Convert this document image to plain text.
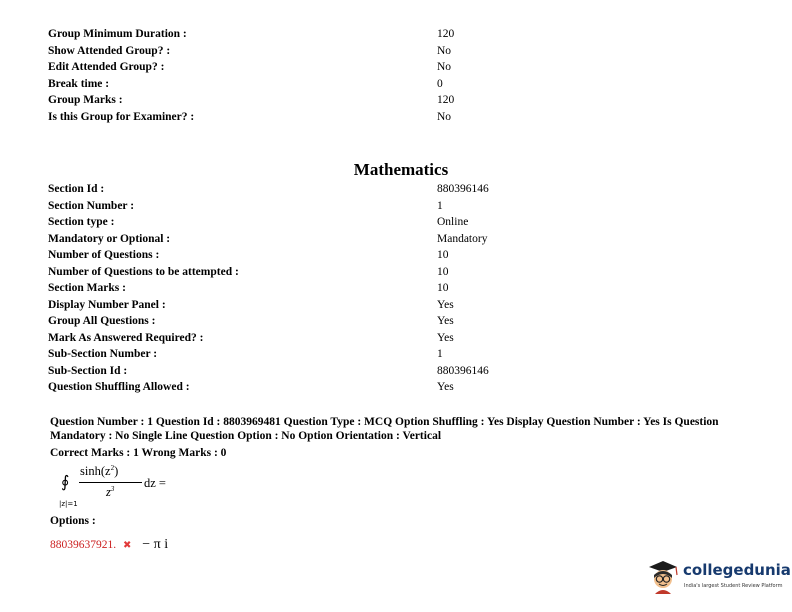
Group Minimum Duration :	120
Show Attended Group? :	No
Edit Attended Group? :	No
Break time :	0
Group Marks :	120
Is this Group for Examiner? :	No
Mathematics
Section Id :	880396146
Section Number :	1
Section type :	Online
Mandatory or Optional :	Mandatory
Number of Questions :	10
Number of Questions to be attempted :	10
Section Marks :	10
Display Number Panel :	Yes
Group All Questions :	Yes
Mark As Answered Required? :	Yes
Sub-Section Number :	1
Sub-Section Id :	880396146
Question Shuffling Allowed :	Yes
Question Number : 1 Question Id : 8803969481 Question Type : MCQ Option Shuffling : Yes Display Question Number : Yes Is Question Mandatory : No Single Line Question Option : No Option Orientation : Vertical
Correct Marks : 1 Wrong Marks : 0
∮
|z|=1
$\sinh(z^2)$
$z^3$ dz =
Options :
88039637921. ✖ − π i
collegedunia
India's largest Student Review Platform
